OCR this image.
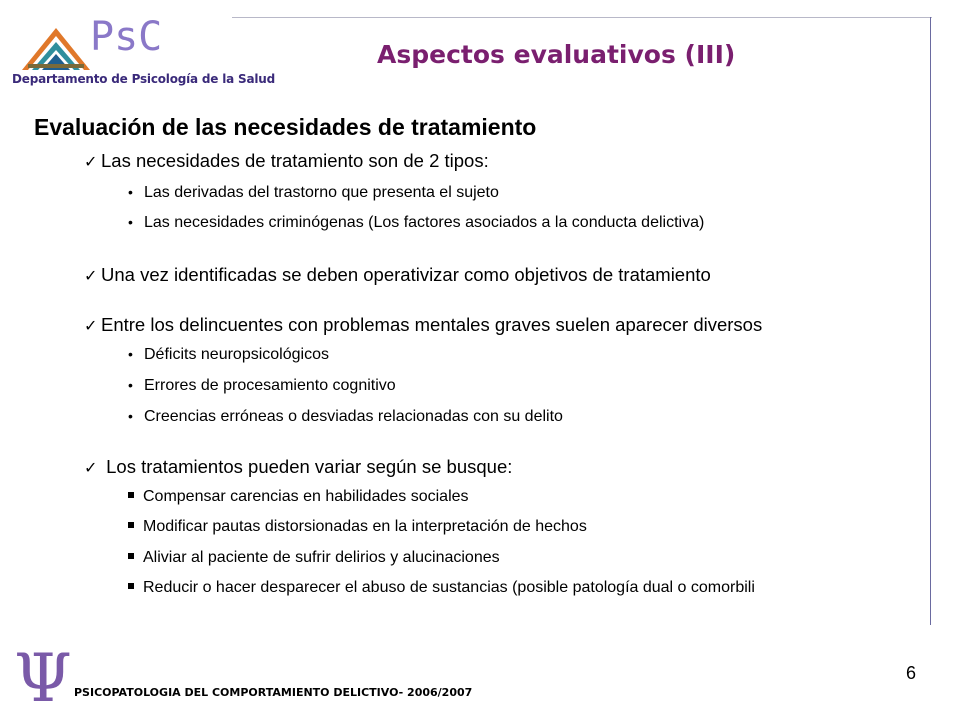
PsC
Departamento de Psicología de la Salud
Aspectos evaluativos (III)
Evaluación de las necesidades de tratamiento
✓ Las necesidades de tratamiento son de 2 tipos:
• Las derivadas del trastorno que presenta el sujeto
• Las necesidades criminógenas (Los factores asociados a la conducta delictiva)
✓ Una vez identificadas se deben operativizar como objetivos de tratamiento
✓ Entre los delincuentes con problemas mentales graves suelen aparecer diversos
• Déficits neuropsicológicos
• Errores de procesamiento cognitivo
• Creencias erróneas o desviadas relacionadas con su delito
✓ Los tratamientos pueden variar según se busque:
Compensar carencias en habilidades sociales
Modificar pautas distorsionadas en la interpretación de hechos
Aliviar al paciente de sufrir delirios y alucinaciones
Reducir o hacer desparecer el abuso de sustancias (posible patología dual o comorbili
Ψ PSICOPATOLOGIA DEL COMPORTAMIENTO DELICTIVO- 2006/2007
6
